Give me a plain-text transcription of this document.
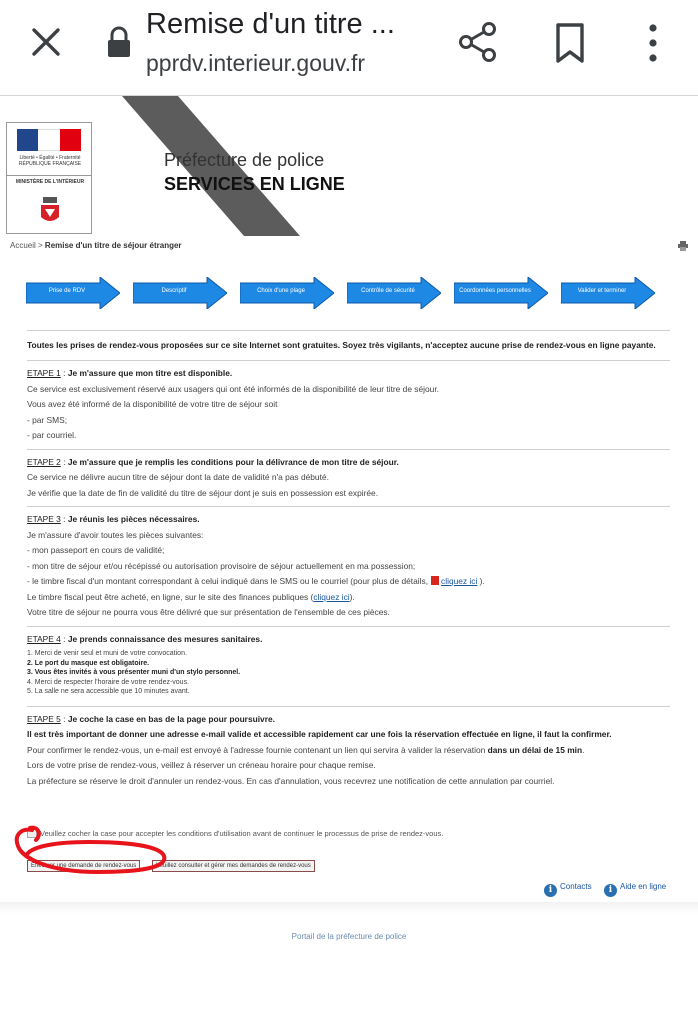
Remise d'un titre ...
pprdv.interieur.gouv.fr
Liberté • Égalité • Fraternité RÉPUBLIQUE FRANÇAISE
MINISTÈRE DE L'INTÉRIEUR
Préfecture de police
SERVICES EN LIGNE
Accueil > Remise d'un titre de séjour étranger
Prise de RDV	Descriptif	Choix d'une plage	Contrôle de sécurité	Coordonnées personnelles	Valider et terminer
Toutes les prises de rendez-vous proposées sur ce site Internet sont gratuites. Soyez très vigilants, n'acceptez aucune prise de rendez-vous en ligne payante.
ETAPE 1 : Je m'assure que mon titre est disponible.
Ce service est exclusivement réservé aux usagers qui ont été informés de la disponibilité de leur titre de séjour.
Vous avez été informé de la disponibilité de votre titre de séjour soit
- par SMS;
- par courriel.
ETAPE 2 : Je m'assure que je remplis les conditions pour la délivrance de mon titre de séjour.
Ce service ne délivre aucun titre de séjour dont la date de validité n'a pas débuté.
Je vérifie que la date de fin de validité du titre de séjour dont je suis en possession est expirée.
ETAPE 3 : Je réunis les pièces nécessaires.
Je m'assure d'avoir toutes les pièces suivantes:
- mon passeport en cours de validité;
- mon titre de séjour et/ou récépissé ou autorisation provisoire de séjour actuellement en ma possession;
- le timbre fiscal d'un montant correspondant à celui indiqué dans le SMS ou le courriel (pour plus de détails, cliquez ici ).
Le timbre fiscal peut être acheté, en ligne, sur le site des finances publiques (cliquez ici).
Votre titre de séjour ne pourra vous être délivré que sur présentation de l'ensemble de ces pièces.
ETAPE 4 : Je prends connaissance des mesures sanitaires.
1. Merci de venir seul et muni de votre convocation.
2. Le port du masque est obligatoire.
3. Vous êtes invités à vous présenter muni d'un stylo personnel.
4. Merci de respecter l'horaire de votre rendez-vous.
5. La salle ne sera accessible que 10 minutes avant.
ETAPE 5 : Je coche la case en bas de la page pour poursuivre.
Il est très important de donner une adresse e-mail valide et accessible rapidement car une fois la réservation effectuée en ligne, il faut la confirmer.
Pour confirmer le rendez-vous, un e-mail est envoyé à l'adresse fournie contenant un lien qui servira à valider la réservation dans un délai de 15 min.
Lors de votre prise de rendez-vous, veillez à réserver un créneau horaire pour chaque remise.
La préfecture se réserve le droit d'annuler un rendez-vous. En cas d'annulation, vous recevrez une notification de cette annulation par courriel.
Veuillez cocher la case pour accepter les conditions d'utilisation avant de continuer le processus de prise de rendez-vous.
Effectuer une demande de rendez-vous	Veuillez consulter et gérer mes demandes de rendez-vous
i Contacts	i Aide en ligne
Portail de la préfecture de police
